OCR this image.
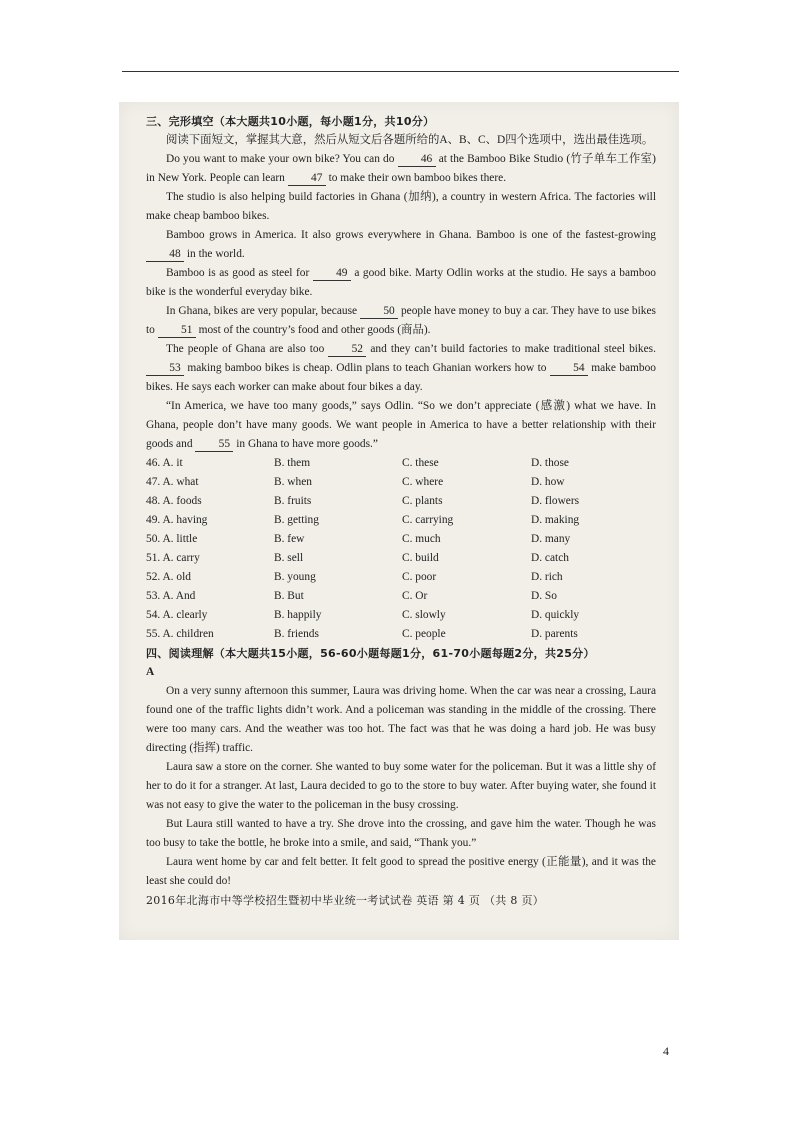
三、完形填空（本大题共10小题，每小题1分，共10分）

阅读下面短文，掌握其大意，然后从短文后各题所给的A、B、C、D四个选项中，选出最佳选项。

Do you want to make your own bike? You can do 46 at the Bamboo Bike Studio (竹子单车工作室) in New York. People can learn 47 to make their own bamboo bikes there.

The studio is also helping build factories in Ghana (加纳), a country in western Africa. The factories will make cheap bamboo bikes.

Bamboo grows in America. It also grows everywhere in Ghana. Bamboo is one of the fastest-growing 48 in the world.

Bamboo is as good as steel for 49 a good bike. Marty Odlin works at the studio. He says a bamboo bike is the wonderful everyday bike.

In Ghana, bikes are very popular, because 50 people have money to buy a car. They have to use bikes to 51 most of the country’s food and other goods (商品).

The people of Ghana are also too 52 and they can’t build factories to make traditional steel bikes. 53 making bamboo bikes is cheap. Odlin plans to teach Ghanian workers how to 54 make bamboo bikes. He says each worker can make about four bikes a day.

“In America, we have too many goods,” says Odlin. “So we don’t appreciate (感激) what we have. In Ghana, people don’t have many goods. We want people in America to have a better relationship with their goods and 55 in Ghana to have more goods.”

46. A. it	B. them	C. these	D. those
47. A. what	B. when	C. where	D. how
48. A. foods	B. fruits	C. plants	D. flowers
49. A. having	B. getting	C. carrying	D. making
50. A. little	B. few	C. much	D. many
51. A. carry	B. sell	C. build	D. catch
52. A. old	B. young	C. poor	D. rich
53. A. And	B. But	C. Or	D. So
54. A. clearly	B. happily	C. slowly	D. quickly
55. A. children	B. friends	C. people	D. parents

四、阅读理解（本大题共15小题，56-60小题每题1分，61-70小题每题2分，共25分）

A

On a very sunny afternoon this summer, Laura was driving home. When the car was near a crossing, Laura found one of the traffic lights didn’t work. And a policeman was standing in the middle of the crossing. There were too many cars. And the weather was too hot. The fact was that he was doing a hard job. He was busy directing (指挥) traffic.

Laura saw a store on the corner. She wanted to buy some water for the policeman. But it was a little shy of her to do it for a stranger. At last, Laura decided to go to the store to buy water. After buying water, she found it was not easy to give the water to the policeman in the busy crossing.

But Laura still wanted to have a try. She drove into the crossing, and gave him the water. Though he was too busy to take the bottle, he broke into a smile, and said, “Thank you.”

Laura went home by car and felt better. It felt good to spread the positive energy (正能量), and it was the least she could do!

2016年北海市中等学校招生暨初中毕业统一考试试卷 英语 第 4 页 （共 8 页）

4
